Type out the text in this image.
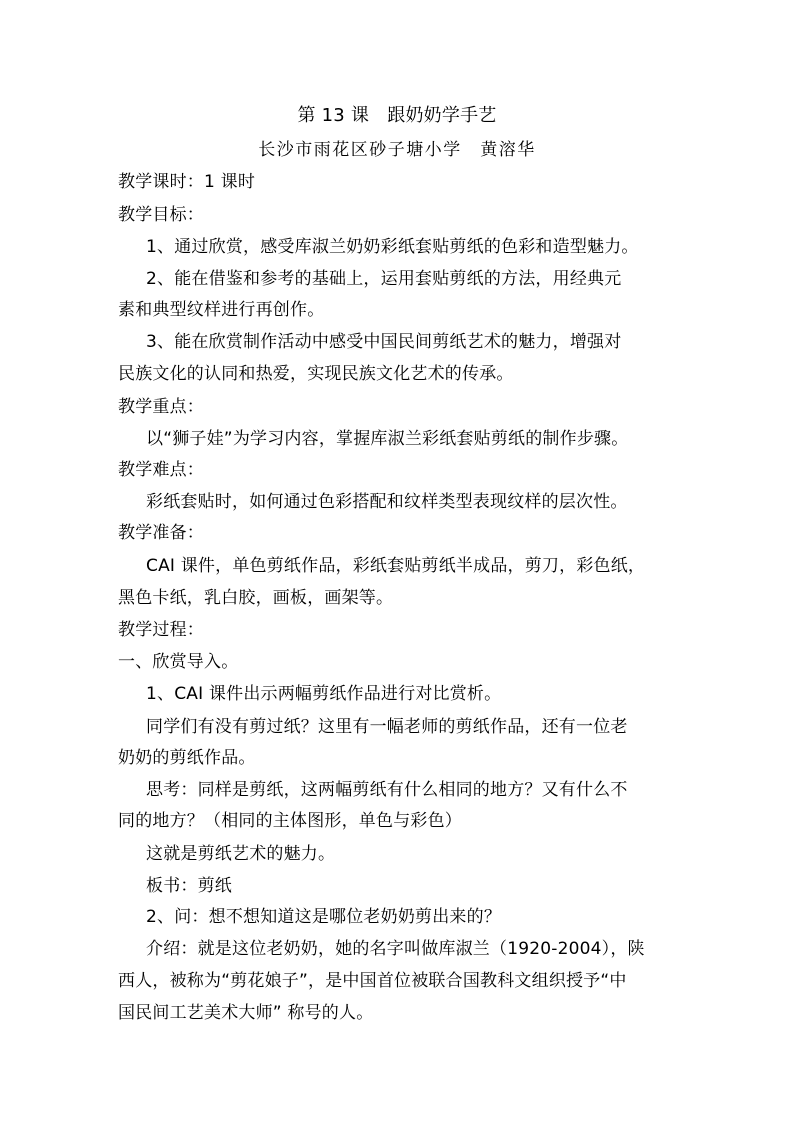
第 13 课　跟奶奶学手艺
长沙市雨花区砂子塘小学　黄溶华
教学课时：1 课时
教学目标：
1、通过欣赏，感受库淑兰奶奶彩纸套贴剪纸的色彩和造型魅力。
2、能在借鉴和参考的基础上，运用套贴剪纸的方法，用经典元
素和典型纹样进行再创作。
3、能在欣赏制作活动中感受中国民间剪纸艺术的魅力，增强对
民族文化的认同和热爱，实现民族文化艺术的传承。
教学重点：
以“狮子娃”为学习内容，掌握库淑兰彩纸套贴剪纸的制作步骤。
教学难点：
彩纸套贴时，如何通过色彩搭配和纹样类型表现纹样的层次性。
教学准备：
CAI 课件，单色剪纸作品，彩纸套贴剪纸半成品，剪刀，彩色纸，
黑色卡纸，乳白胶，画板，画架等。
教学过程：
一、欣赏导入。
1、CAI 课件出示两幅剪纸作品进行对比赏析。
同学们有没有剪过纸？这里有一幅老师的剪纸作品，还有一位老
奶奶的剪纸作品。
思考：同样是剪纸，这两幅剪纸有什么相同的地方？又有什么不
同的地方？（相同的主体图形，单色与彩色）
这就是剪纸艺术的魅力。
板书：剪纸
2、问：想不想知道这是哪位老奶奶剪出来的？
介绍：就是这位老奶奶，她的名字叫做库淑兰（1920-2004），陕
西人，被称为“剪花娘子”，是中国首位被联合国教科文组织授予“中
国民间工艺美术大师” 称号的人。
